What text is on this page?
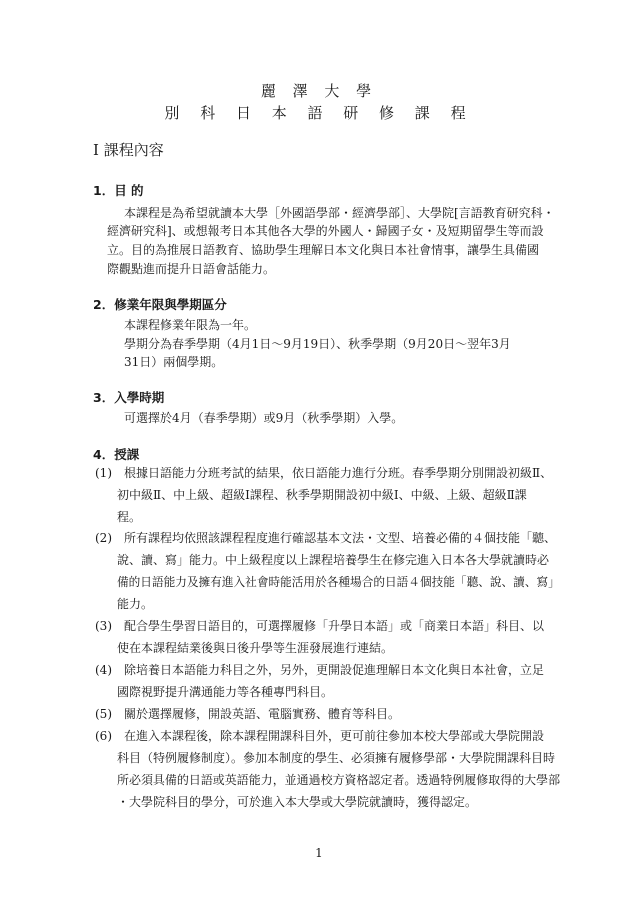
麗 澤 大 學
別 科 日 本 語 研 修 課 程
Ⅰ 課程內容
1．目 的
本課程是為希望就讀本大學［外國語學部・經濟學部］、大學院[言語教育研究科・
經濟研究科]、或想報考日本其他各大學的外國人・歸國子女・及短期留學生等而設
立。目的為推展日語教育、協助學生理解日本文化與日本社會情事，讓學生具備國
際觀點進而提升日語會話能力。
2．修業年限與學期區分
本課程修業年限為一年。
學期分為春季學期（4月1日～9月19日）、秋季學期（9月20日～翌年3月
31日）兩個學期。
3．入學時期
可選擇於4月（春季學期）或9月（秋季學期）入學。
4．授課
(1)　根據日語能力分班考試的結果，依日語能力進行分班。春季學期分別開設初級Ⅱ、
初中級Ⅱ、中上級、超級Ⅰ課程、秋季學期開設初中級Ⅰ、中級、上級、超級Ⅱ課
程。
(2)　所有課程均依照該課程程度進行確認基本文法・文型、培養必備的４個技能「聽、
說、讀、寫」能力。中上級程度以上課程培養學生在修完進入日本各大學就讀時必
備的日語能力及擁有進入社會時能活用於各種場合的日語４個技能「聽、說、讀、寫」
能力。
(3)　配合學生學習日語目的，可選擇履修「升學日本語」或「商業日本語」科目、以
使在本課程結業後與日後升學等生涯發展進行連結。
(4)　除培養日本語能力科目之外，另外，更開設促進理解日本文化與日本社會，立足
國際視野提升溝通能力等各種專門科目。
(5)　關於選擇履修，開設英語、電腦實務、體育等科目。
(6)　在進入本課程後，除本課程開課科目外，更可前往參加本校大學部或大學院開設
科目（特例履修制度）。參加本制度的學生、必須擁有履修學部・大學院開課科目時
所必須具備的日語或英語能力，並通過校方資格認定者。透過特例履修取得的大學部
・大學院科目的學分，可於進入本大學或大學院就讀時，獲得認定。
1
